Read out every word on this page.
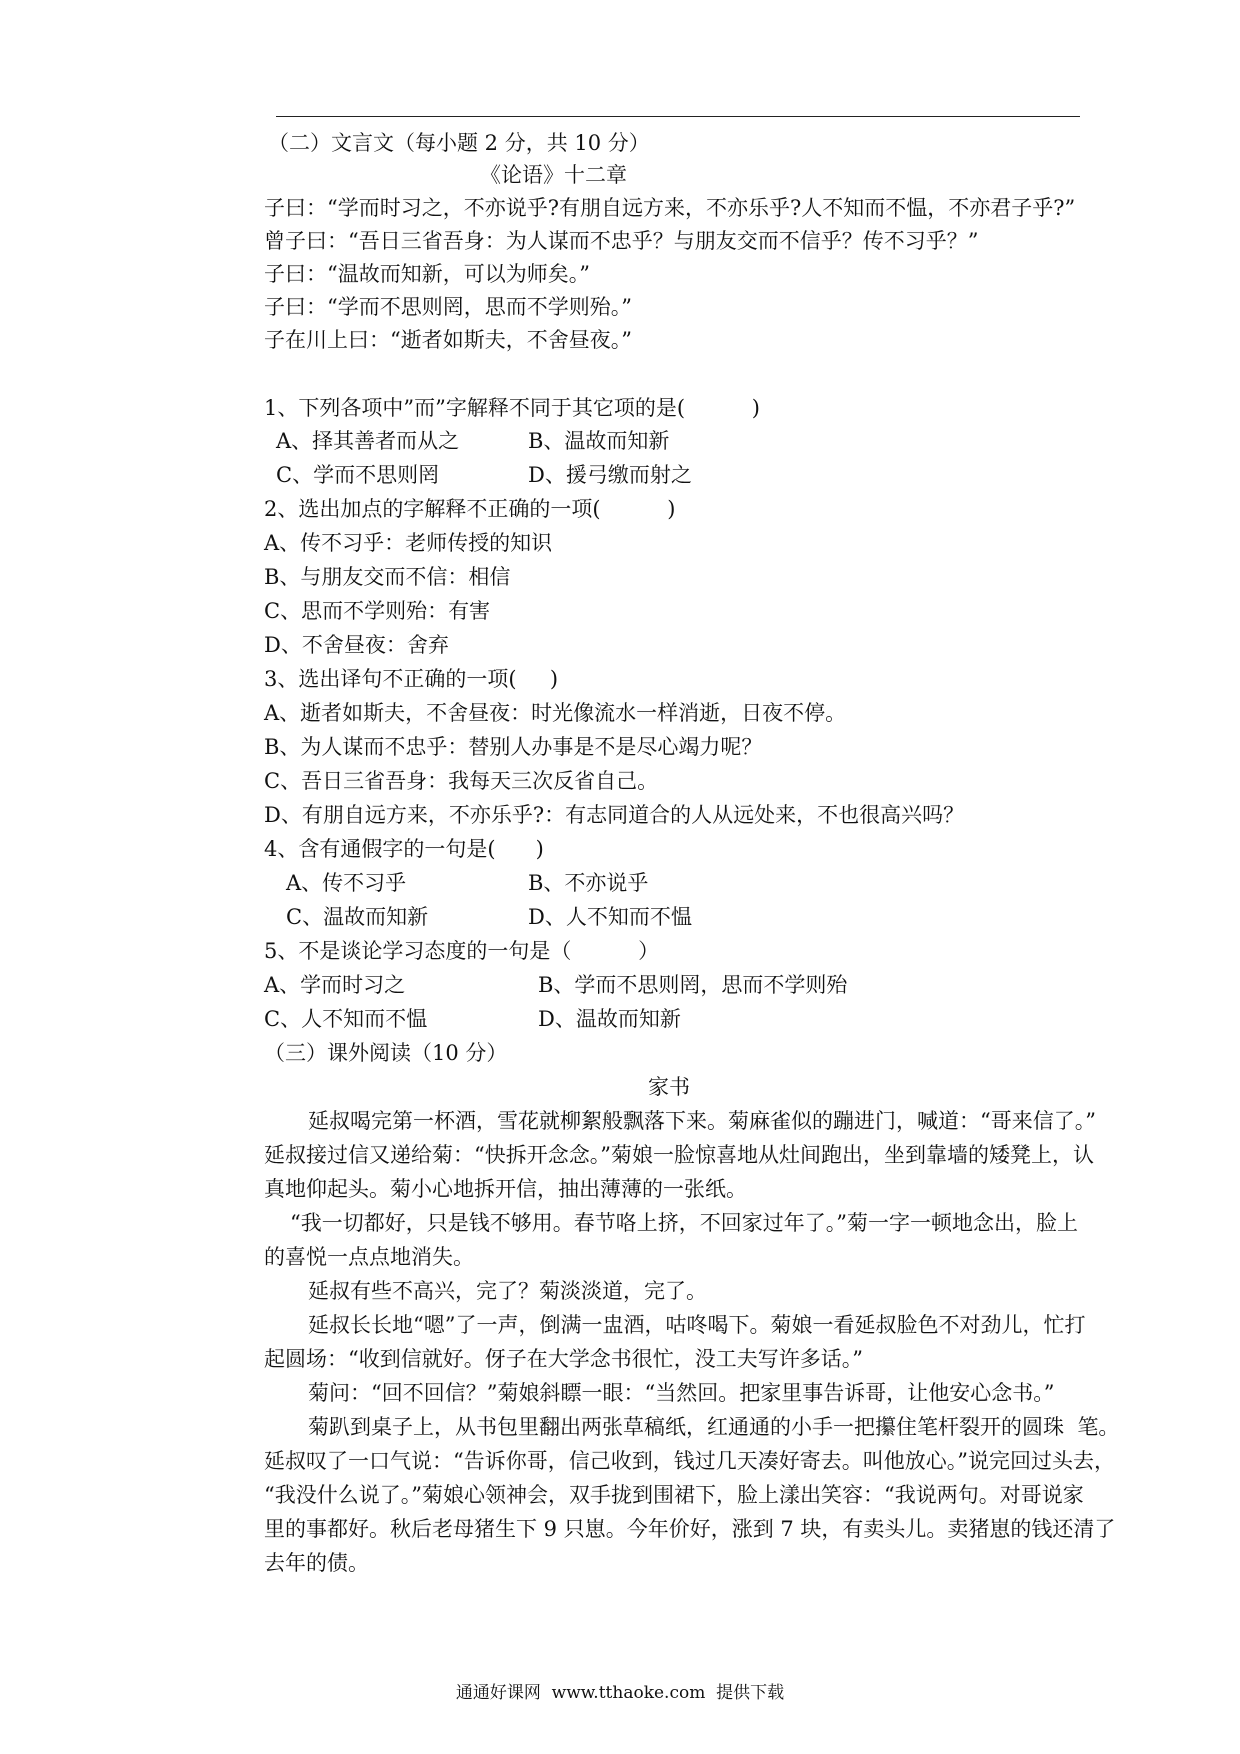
（二）文言文（每小题 2 分，共 10 分）
《论语》十二章
子曰：“学而时习之，不亦说乎?有朋自远方来，不亦乐乎?人不知而不愠，不亦君子乎?”
曾子曰：“吾日三省吾身：为人谋而不忠乎？与朋友交而不信乎？传不习乎？”
子曰：“温故而知新，可以为师矣。”
子曰：“学而不思则罔，思而不学则殆。”
子在川上曰：“逝者如斯夫，不舍昼夜。”
1、下列各项中”而”字解释不同于其它项的是(          )
A、择其善者而从之	B、温故而知新
C、学而不思则罔	D、援弓缴而射之
2、选出加点的字解释不正确的一项(          )
A、传不习乎：老师传授的知识
B、与朋友交而不信：相信
C、思而不学则殆：有害
D、不舍昼夜：舍弃
3、选出译句不正确的一项(     )
A、逝者如斯夫，不舍昼夜：时光像流水一样消逝，日夜不停。
B、为人谋而不忠乎：替别人办事是不是尽心竭力呢？
C、吾日三省吾身：我每天三次反省自己。
D、有朋自远方来，不亦乐乎?：有志同道合的人从远处来，不也很高兴吗？
4、含有通假字的一句是(      )
A、传不习乎	B、不亦说乎
C、温故而知新	D、人不知而不愠
5、不是谈论学习态度的一句是（          ）
A、学而时习之	B、学而不思则罔，思而不学则殆
C、人不知而不愠	D、温故而知新
（三）课外阅读（10 分）
家书
延叔喝完第一杯酒，雪花就柳絮般飘落下来。菊麻雀似的蹦进门，喊道：“哥来信了。”
延叔接过信又递给菊：“快拆开念念。”菊娘一脸惊喜地从灶间跑出，坐到靠墙的矮凳上，认
真地仰起头。菊小心地拆开信，抽出薄薄的一张纸。
“我一切都好，只是钱不够用。春节咯上挤，不回家过年了。”菊一字一顿地念出，脸上
的喜悦一点点地消失。
延叔有些不高兴，完了？菊淡淡道，完了。
延叔长长地“嗯”了一声，倒满一盅酒，咕咚喝下。菊娘一看延叔脸色不对劲儿，忙打
起圆场：“收到信就好。伢子在大学念书很忙，没工夫写许多话。”
菊问：“回不回信？”菊娘斜瞟一眼：“当然回。把家里事告诉哥，让他安心念书。”
菊趴到桌子上，从书包里翻出两张草稿纸，红通通的小手一把攥住笔杆裂开的圆珠  笔。
延叔叹了一口气说：“告诉你哥，信己收到，钱过几天凑好寄去。叫他放心。”说完回过头去，
“我没什么说了。”菊娘心领神会，双手拢到围裙下，脸上漾出笑容：“我说两句。对哥说家
里的事都好。秋后老母猪生下 9 只崽。今年价好，涨到 7 块，有卖头儿。卖猪崽的钱还清了
去年的债。
通通好课网  www.tthaoke.com  提供下载
